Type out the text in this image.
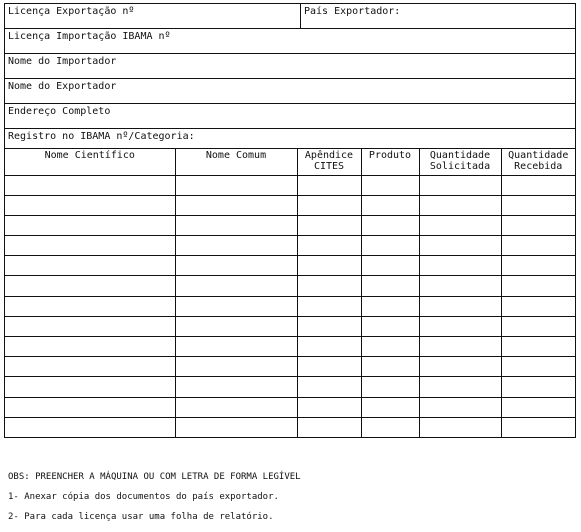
Licença Exportação nº	País Exportador:
Licença Importação IBAMA nº
Nome do Importador
Nome do Exportador
Endereço Completo
Registro no IBAMA nº/Categoria:
Nome Científico	Nome Comum	Apêndice CITES	Produto	Quantidade Solicitada	Quantidade Recebida

OBS: PREENCHER A MÁQUINA OU COM LETRA DE FORMA LEGÍVEL

1- Anexar cópia dos documentos do país exportador.

2- Para cada licença usar uma folha de relatório.
